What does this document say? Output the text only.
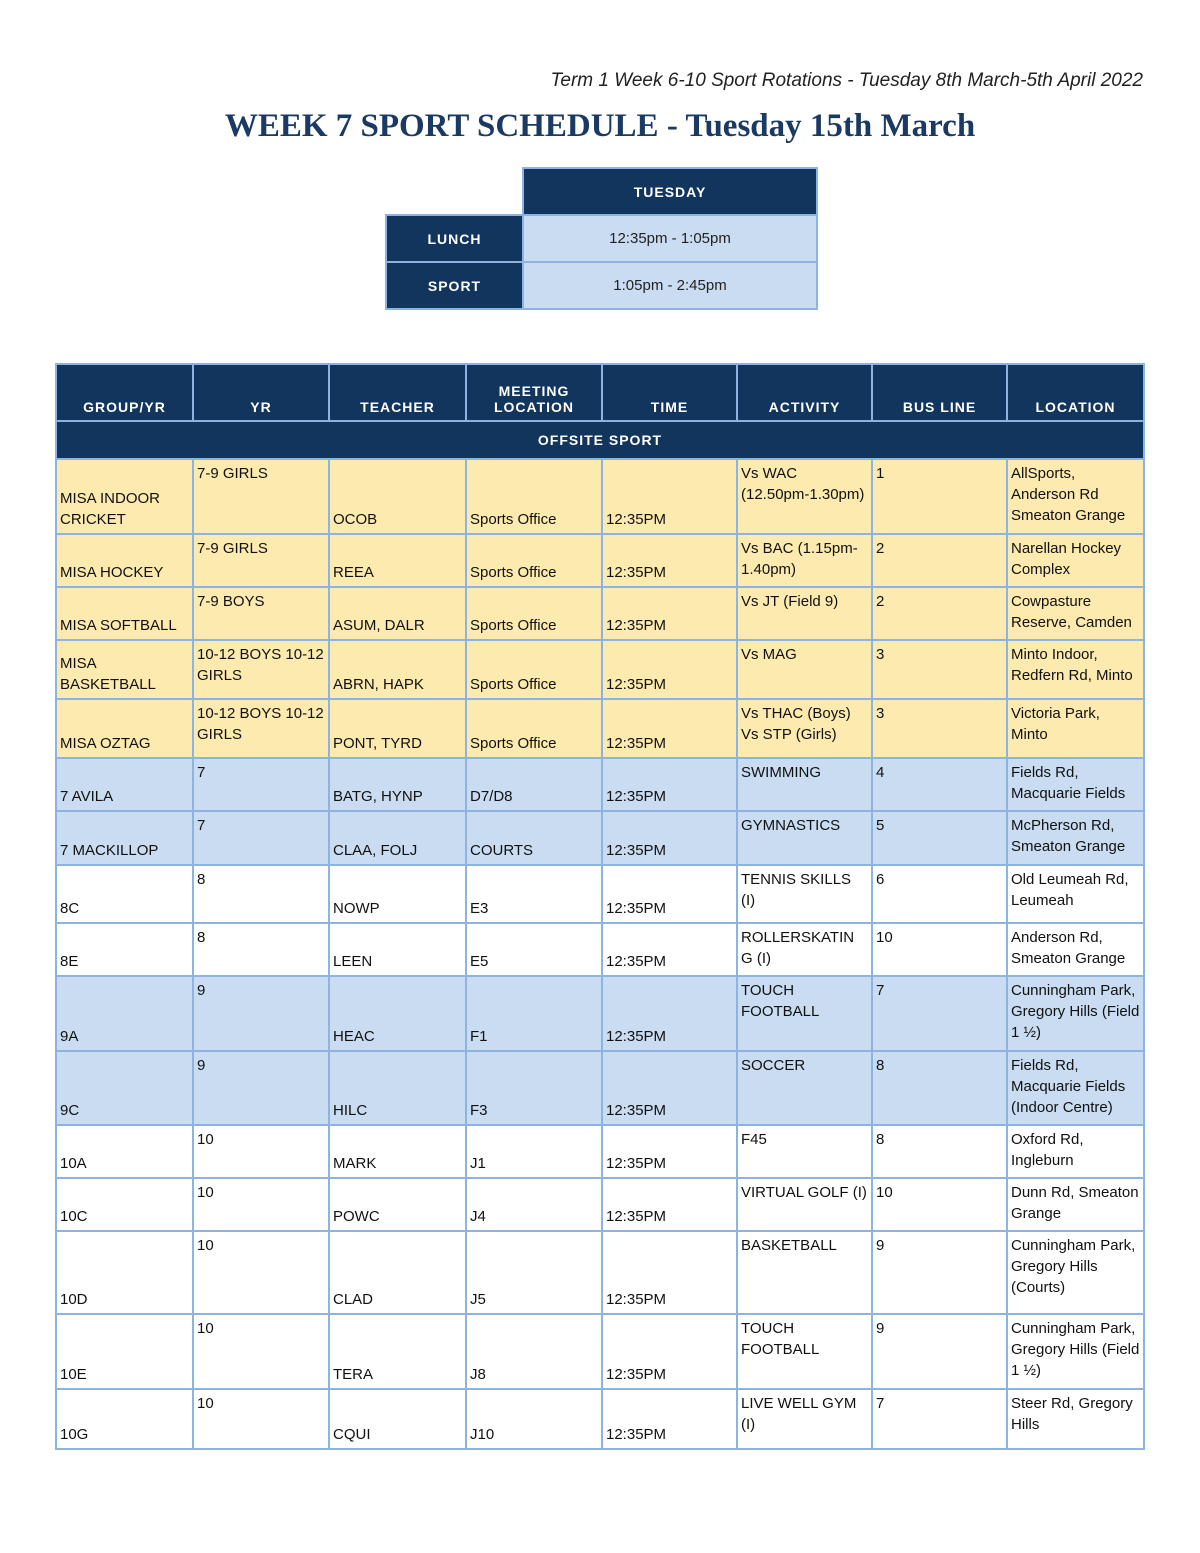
Term 1 Week 6-10 Sport Rotations - Tuesday 8th March-5th April 2022
WEEK 7 SPORT SCHEDULE - Tuesday 15th March
	TUESDAY
LUNCH	12:35pm - 1:05pm
SPORT	1:05pm - 2:45pm
GROUP/YR	YR	TEACHER	MEETING LOCATION	TIME	ACTIVITY	BUS LINE	LOCATION
OFFSITE SPORT							
MISA INDOOR CRICKET	7-9 GIRLS	OCOB	Sports Office	12:35PM	Vs WAC (12.50pm-1.30pm)	1	AllSports, Anderson Rd Smeaton Grange
MISA HOCKEY	7-9 GIRLS	REEA	Sports Office	12:35PM	Vs BAC (1.15pm-1.40pm)	2	Narellan Hockey Complex
MISA SOFTBALL	7-9 BOYS	ASUM, DALR	Sports Office	12:35PM	Vs JT (Field 9)	2	Cowpasture Reserve, Camden
MISA BASKETBALL	10-12 BOYS 10-12 GIRLS	ABRN, HAPK	Sports Office	12:35PM	Vs MAG	3	Minto Indoor, Redfern Rd, Minto
MISA OZTAG	10-12 BOYS 10-12 GIRLS	PONT, TYRD	Sports Office	12:35PM	Vs THAC (Boys) Vs STP (Girls)	3	Victoria Park, Minto
7 AVILA	7	BATG, HYNP	D7/D8	12:35PM	SWIMMING	4	Fields Rd, Macquarie Fields
7 MACKILLOP	7	CLAA, FOLJ	COURTS	12:35PM	GYMNASTICS	5	McPherson Rd, Smeaton Grange
8C	8	NOWP	E3	12:35PM	TENNIS SKILLS (I)	6	Old Leumeah Rd, Leumeah
8E	8	LEEN	E5	12:35PM	ROLLERSKATIN G (I)	10	Anderson Rd, Smeaton Grange
9A	9	HEAC	F1	12:35PM	TOUCH FOOTBALL	7	Cunningham Park, Gregory Hills (Field 1 ½)
9C	9	HILC	F3	12:35PM	SOCCER	8	Fields Rd, Macquarie Fields (Indoor Centre)
10A	10	MARK	J1	12:35PM	F45	8	Oxford Rd, Ingleburn
10C	10	POWC	J4	12:35PM	VIRTUAL GOLF (I)	10	Dunn Rd, Smeaton Grange
10D	10	CLAD	J5	12:35PM	BASKETBALL	9	Cunningham Park, Gregory Hills (Courts)
10E	10	TERA	J8	12:35PM	TOUCH FOOTBALL	9	Cunningham Park, Gregory Hills (Field 1 ½)
10G	10	CQUI	J10	12:35PM	LIVE WELL GYM (I)	7	Steer Rd, Gregory Hills
